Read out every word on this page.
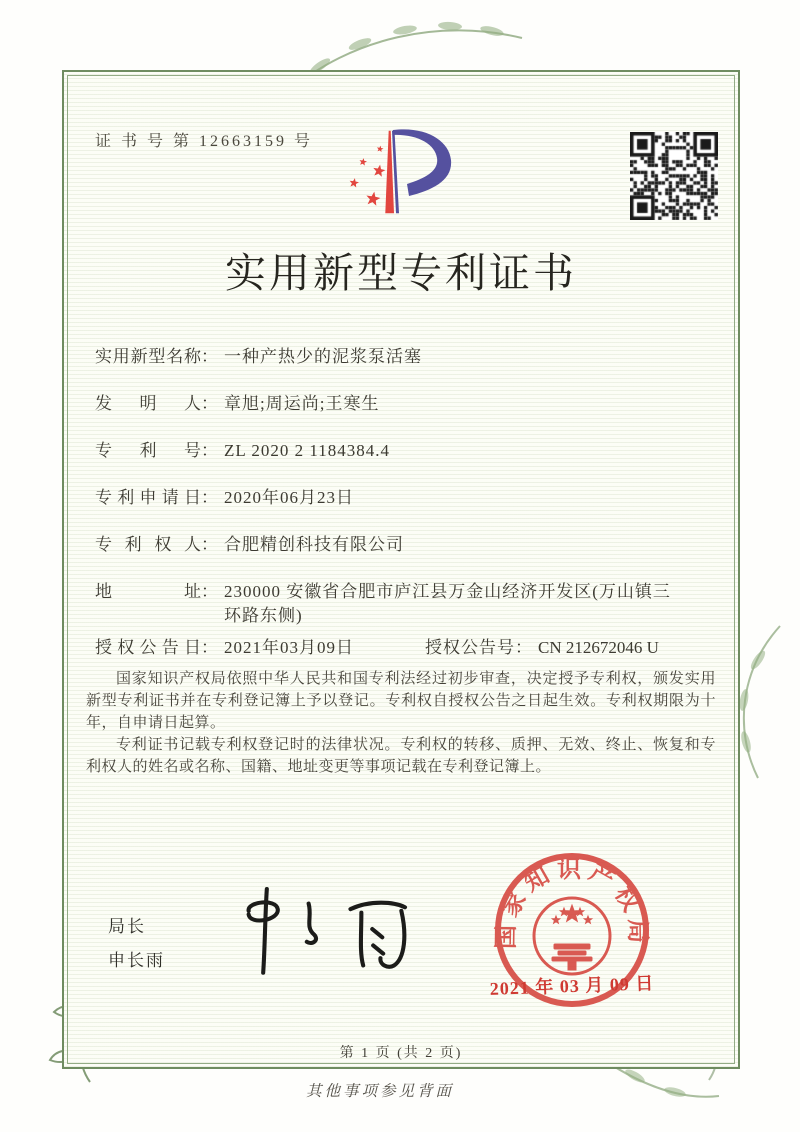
证 书 号 第 12663159 号
实用新型专利证书
实用新型名称： 一种产热少的泥浆泵活塞
发明人： 章旭;周运尚;王寒生
专利号： ZL 2020 2 1184384.4
专利申请日： 2020年06月23日
专利权人： 合肥精创科技有限公司
地址： 230000 安徽省合肥市庐江县万金山经济开发区(万山镇三环路东侧)
授权公告日： 2021年03月09日	授权公告号： CN 212672046 U

国家知识产权局依照中华人民共和国专利法经过初步审查，决定授予专利权，颁发实用新型专利证书并在专利登记簿上予以登记。专利权自授权公告之日起生效。专利权期限为十年，自申请日起算。

专利证书记载专利权登记时的法律状况。专利权的转移、质押、无效、终止、恢复和专利权人的姓名或名称、国籍、地址变更等事项记载在专利登记簿上。

局长
申长雨
国家知识产权局
2021 年 03 月 09 日
第 1 页 (共 2 页)
其他事项参见背面
